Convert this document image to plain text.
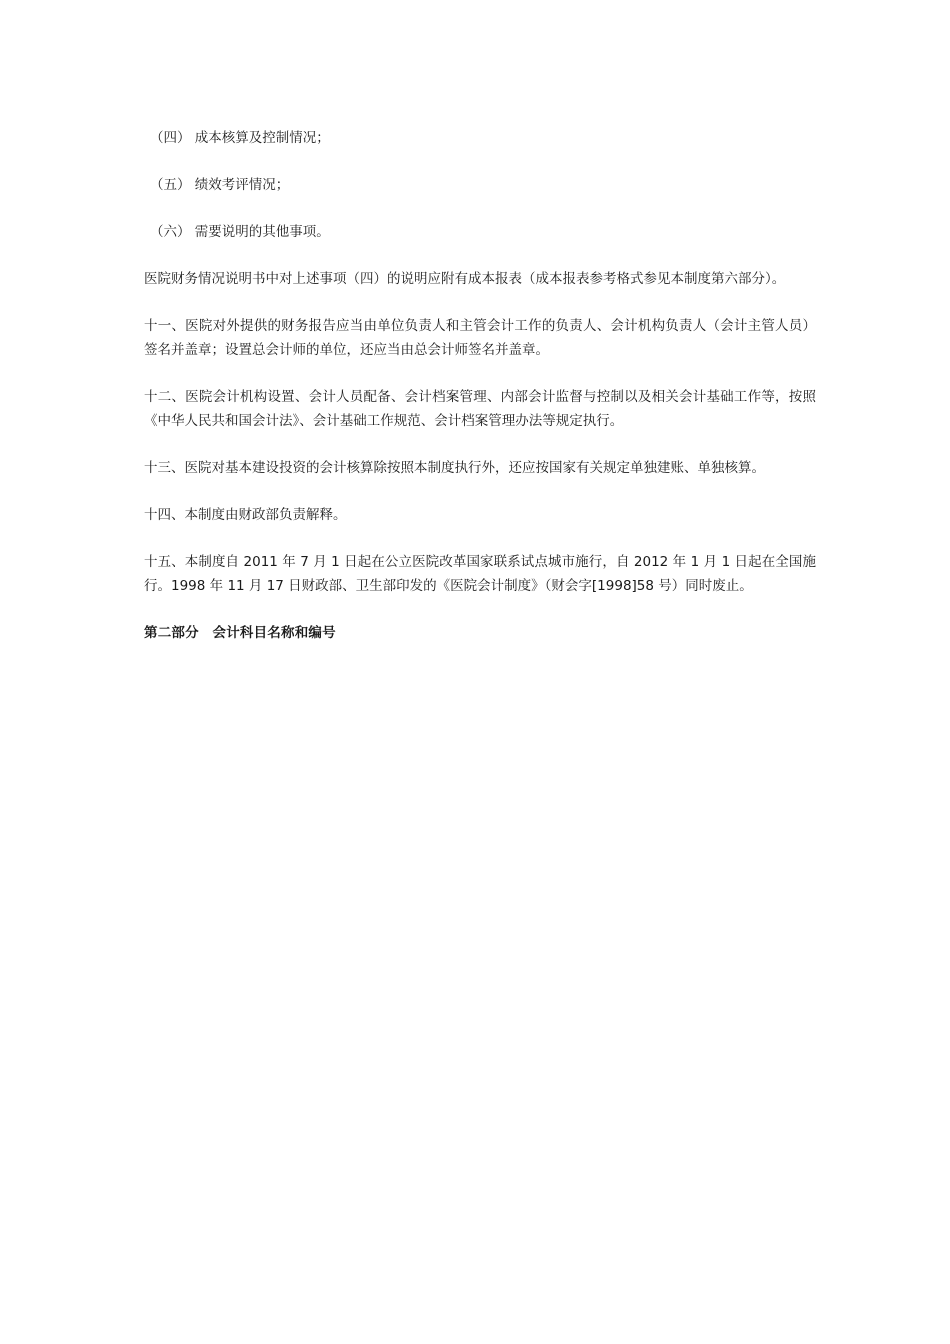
（四） 成本核算及控制情况；

（五） 绩效考评情况；

（六） 需要说明的其他事项。

医院财务情况说明书中对上述事项（四）的说明应附有成本报表（成本报表参考格式参见本制度第六部分）。

十一、医院对外提供的财务报告应当由单位负责人和主管会计工作的负责人、会计机构负责人（会计主管人员）签名并盖章；设置总会计师的单位，还应当由总会计师签名并盖章。

十二、医院会计机构设置、会计人员配备、会计档案管理、内部会计监督与控制以及相关会计基础工作等，按照《中华人民共和国会计法》、会计基础工作规范、会计档案管理办法等规定执行。

十三、医院对基本建设投资的会计核算除按照本制度执行外，还应按国家有关规定单独建账、单独核算。

十四、本制度由财政部负责解释。

十五、本制度自 2011 年 7 月 1 日起在公立医院改革国家联系试点城市施行，自 2012 年 1 月 1 日起在全国施行。1998 年 11 月 17 日财政部、卫生部印发的《医院会计制度》（财会字[1998]58 号）同时废止。

第二部分　会计科目名称和编号
